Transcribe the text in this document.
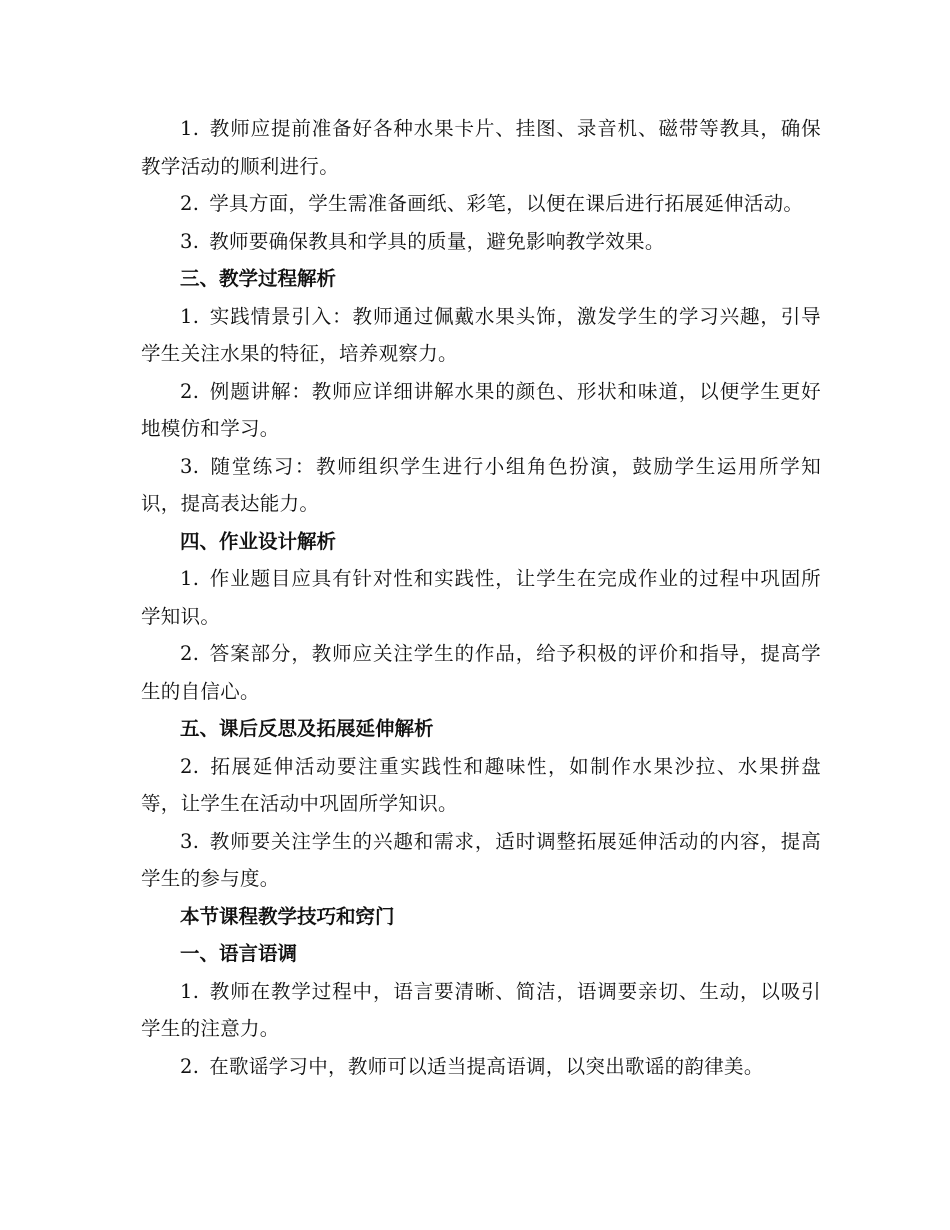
1. 教师应提前准备好各种水果卡片、挂图、录音机、磁带等教具，确保教学活动的顺利进行。

2. 学具方面，学生需准备画纸、彩笔，以便在课后进行拓展延伸活动。

3. 教师要确保教具和学具的质量，避免影响教学效果。

三、教学过程解析

1. 实践情景引入：教师通过佩戴水果头饰，激发学生的学习兴趣，引导学生关注水果的特征，培养观察力。

2. 例题讲解：教师应详细讲解水果的颜色、形状和味道，以便学生更好地模仿和学习。

3. 随堂练习：教师组织学生进行小组角色扮演，鼓励学生运用所学知识，提高表达能力。

四、作业设计解析

1. 作业题目应具有针对性和实践性，让学生在完成作业的过程中巩固所学知识。

2. 答案部分，教师应关注学生的作品，给予积极的评价和指导，提高学生的自信心。

五、课后反思及拓展延伸解析

2. 拓展延伸活动要注重实践性和趣味性，如制作水果沙拉、水果拼盘等，让学生在活动中巩固所学知识。

3. 教师要关注学生的兴趣和需求，适时调整拓展延伸活动的内容，提高学生的参与度。

本节课程教学技巧和窍门

一、语言语调

1. 教师在教学过程中，语言要清晰、简洁，语调要亲切、生动，以吸引学生的注意力。

2. 在歌谣学习中，教师可以适当提高语调，以突出歌谣的韵律美。
